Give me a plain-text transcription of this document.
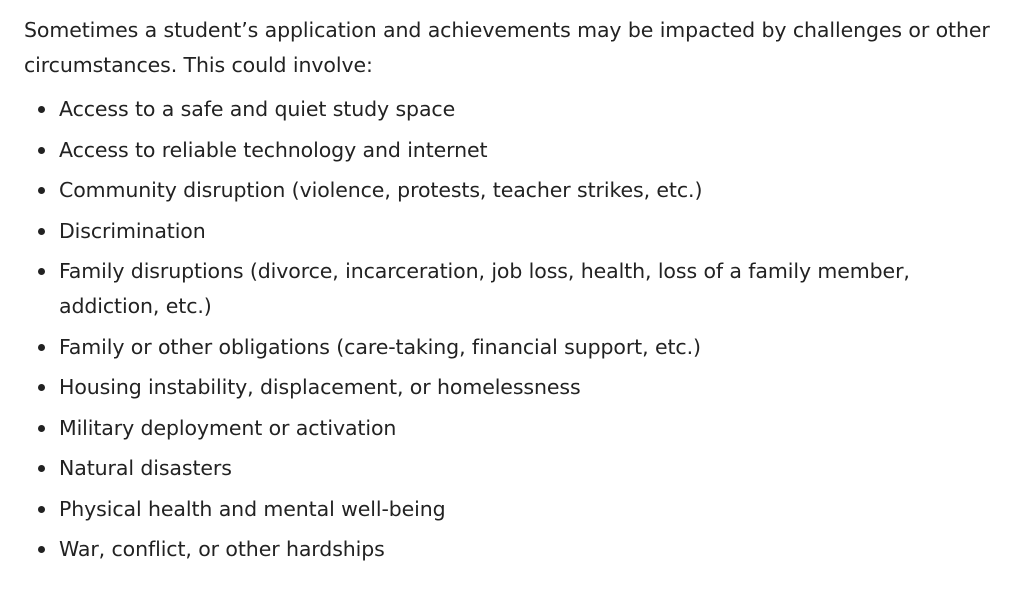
Sometimes a student’s application and achievements may be impacted by challenges or other circumstances. This could involve:

Access to a safe and quiet study space
Access to reliable technology and internet
Community disruption (violence, protests, teacher strikes, etc.)
Discrimination
Family disruptions (divorce, incarceration, job loss, health, loss of a family member, addiction, etc.)
Family or other obligations (care-taking, financial support, etc.)
Housing instability, displacement, or homelessness
Military deployment or activation
Natural disasters
Physical health and mental well-being
War, conflict, or other hardships
